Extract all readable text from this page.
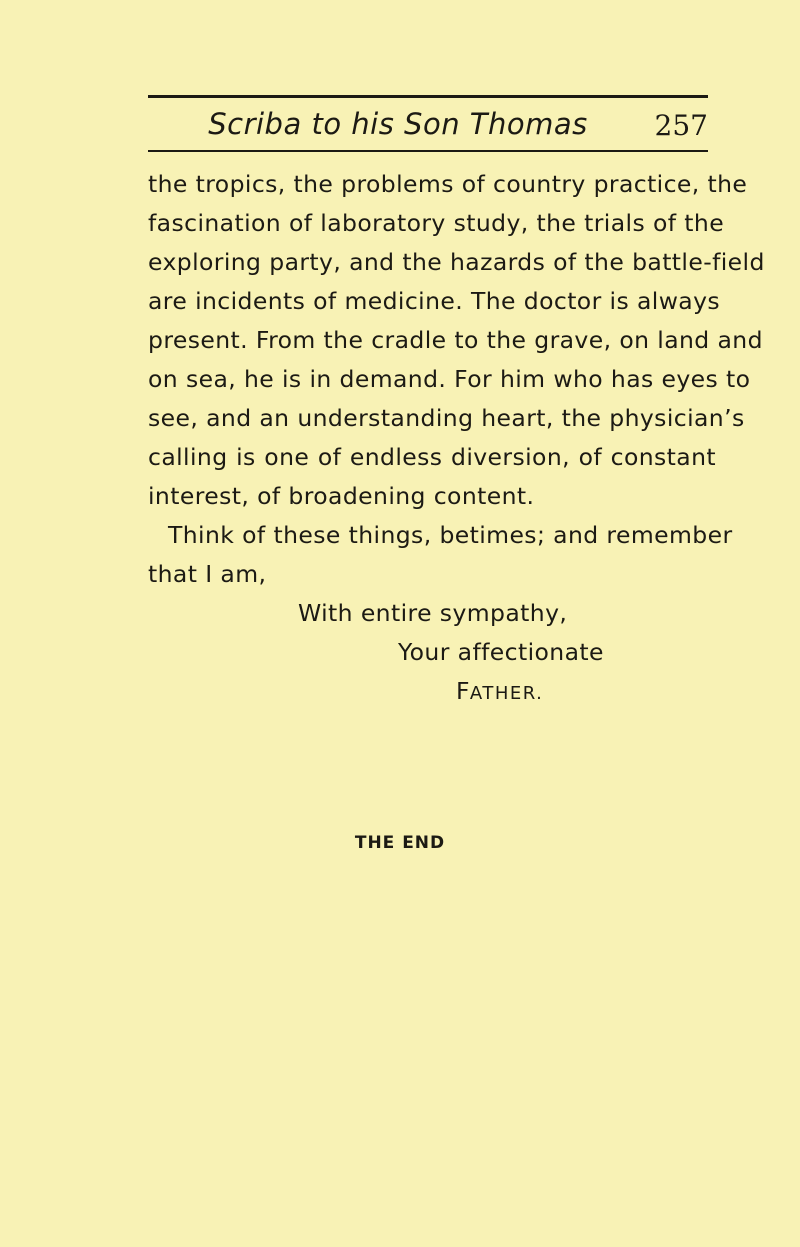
Scriba to his Son Thomas	257
the tropics, the problems of country practice, the
fascination of laboratory study, the trials of the
exploring party, and the hazards of the battle-field
are incidents of medicine. The doctor is always
present. From the cradle to the grave, on land and
on sea, he is in demand. For him who has eyes to
see, and an understanding heart, the physician’s
calling is one of endless diversion, of constant
interest, of broadening content.
Think of these things, betimes; and remember
that I am,
With entire sympathy,
Your affectionate
FATHER.
THE END
